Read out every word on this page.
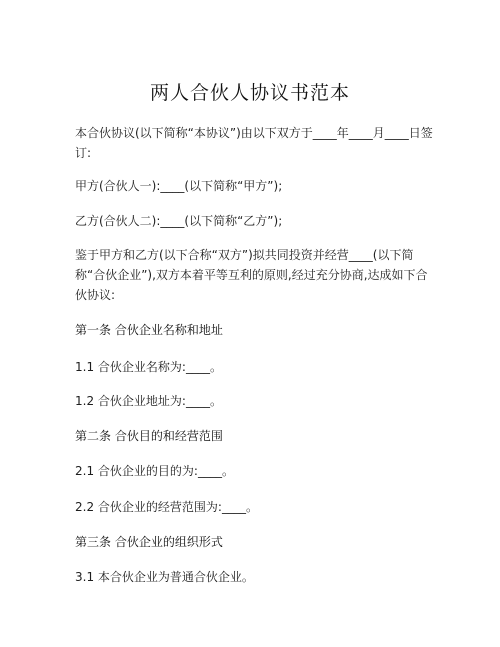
两人合伙人协议书范本
本合伙协议(以下简称“本协议”)由以下双方于____年____月____日签订:
甲方(合伙人一):____(以下简称“甲方”);
乙方(合伙人二):____(以下简称“乙方”);
鉴于甲方和乙方(以下合称“双方”)拟共同投资并经营____(以下简称“合伙企业”),双方本着平等互利的原则,经过充分协商,达成如下合伙协议:
第一条 合伙企业名称和地址
1.1 合伙企业名称为:____。
1.2 合伙企业地址为:____。
第二条 合伙目的和经营范围
2.1 合伙企业的目的为:____。
2.2 合伙企业的经营范围为:____。
第三条 合伙企业的组织形式
3.1 本合伙企业为普通合伙企业。
